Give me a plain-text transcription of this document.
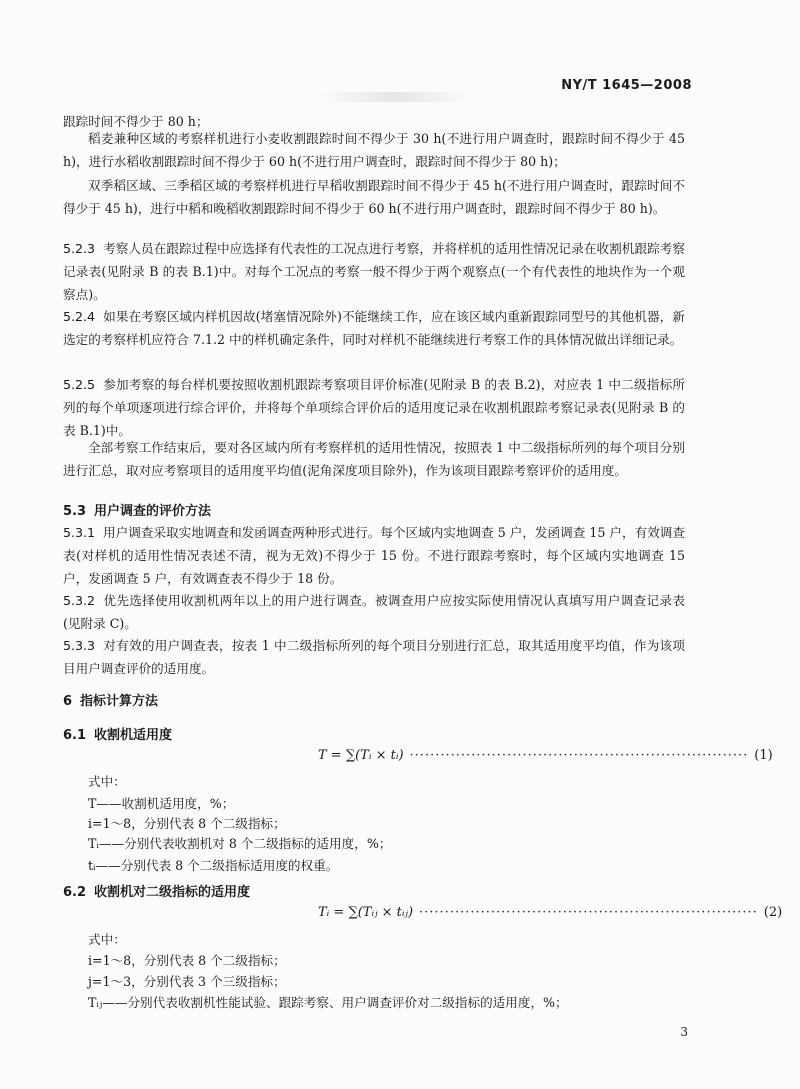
NY/T 1645—2008

跟踪时间不得少于 80 h；

稻麦兼种区域的考察样机进行小麦收割跟踪时间不得少于 30 h(不进行用户调查时，跟踪时间不得少于 45 h)，进行水稻收割跟踪时间不得少于 60 h(不进行用户调查时，跟踪时间不得少于 80 h)；

双季稻区域、三季稻区域的考察样机进行早稻收割跟踪时间不得少于 45 h(不进行用户调查时，跟踪时间不得少于 45 h)，进行中稻和晚稻收割跟踪时间不得少于 60 h(不进行用户调查时，跟踪时间不得少于 80 h)。

5.2.3 考察人员在跟踪过程中应选择有代表性的工况点进行考察，并将样机的适用性情况记录在收割机跟踪考察记录表(见附录 B 的表 B.1)中。对每个工况点的考察一般不得少于两个观察点(一个有代表性的地块作为一个观察点)。

5.2.4 如果在考察区域内样机因故(堵塞情况除外)不能继续工作，应在该区域内重新跟踪同型号的其他机器，新选定的考察样机应符合 7.1.2 中的样机确定条件，同时对样机不能继续进行考察工作的具体情况做出详细记录。

5.2.5 参加考察的每台样机要按照收割机跟踪考察项目评价标准(见附录 B 的表 B.2)，对应表 1 中二级指标所列的每个单项逐项进行综合评价，并将每个单项综合评价后的适用度记录在收割机跟踪考察记录表(见附录 B 的表 B.1)中。

全部考察工作结束后，要对各区域内所有考察样机的适用性情况，按照表 1 中二级指标所列的每个项目分别进行汇总，取对应考察项目的适用度平均值(泥角深度项目除外)，作为该项目跟踪考察评价的适用度。

5.3 用户调查的评价方法

5.3.1 用户调查采取实地调查和发函调查两种形式进行。每个区域内实地调查 5 户，发函调查 15 户，有效调查表(对样机的适用性情况表述不清，视为无效)不得少于 15 份。不进行跟踪考察时，每个区域内实地调查 15 户，发函调查 5 户，有效调查表不得少于 18 份。

5.3.2 优先选择使用收割机两年以上的用户进行调查。被调查用户应按实际使用情况认真填写用户调查记录表(见附录 C)。

5.3.3 对有效的用户调查表，按表 1 中二级指标所列的每个项目分别进行汇总，取其适用度平均值，作为该项目用户调查评价的适用度。

6 指标计算方法
6.1 收割机适用度
T = ∑(Tᵢ × tᵢ) ·································································· (1)

式中：

T——收割机适用度，%；

i=1～8，分别代表 8 个二级指标；

Tᵢ——分别代表收割机对 8 个二级指标的适用度，%；

tᵢ——分别代表 8 个二级指标适用度的权重。

6.2 收割机对二级指标的适用度
Tᵢ = ∑(Tᵢⱼ × tᵢⱼ) ·································································· (2)

式中：

i=1～8，分别代表 8 个二级指标；

j=1～3，分别代表 3 个三级指标；

Tᵢⱼ——分别代表收割机性能试验、跟踪考察、用户调查评价对二级指标的适用度，%；

3
